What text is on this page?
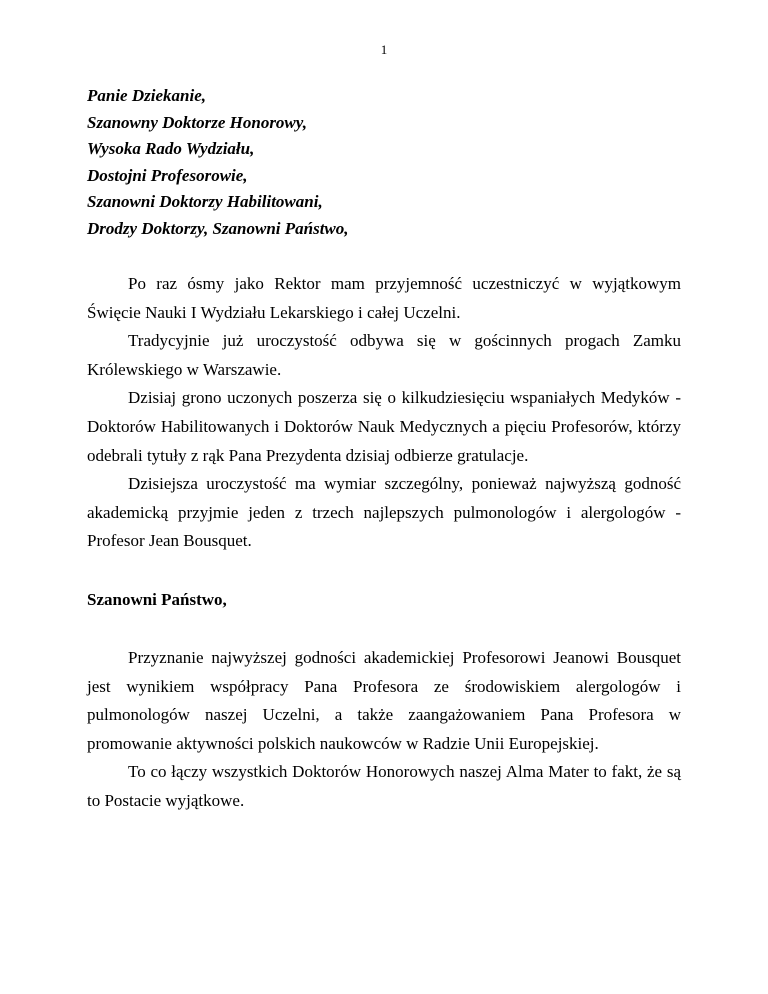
1
Panie Dziekanie,
Szanowny Doktorze Honorowy,
Wysoka Rado Wydziału,
Dostojni Profesorowie,
Szanowni Doktorzy Habilitowani,
Drodzy Doktorzy, Szanowni Państwo,

Po raz ósmy jako Rektor mam przyjemność uczestniczyć w wyjątkowym Święcie Nauki I Wydziału Lekarskiego i całej Uczelni.

Tradycyjnie już uroczystość odbywa się w gościnnych progach Zamku Królewskiego w Warszawie.

Dzisiaj grono uczonych poszerza się o kilkudziesięciu wspaniałych Medyków - Doktorów Habilitowanych i Doktorów Nauk Medycznych a pięciu Profesorów, którzy odebrali tytuły z rąk Pana Prezydenta dzisiaj odbierze gratulacje.

Dzisiejsza uroczystość ma wymiar szczególny, ponieważ najwyższą godność akademicką przyjmie jeden z trzech najlepszych pulmonologów i alergologów - Profesor Jean Bousquet.

Szanowni Państwo,

Przyznanie najwyższej godności akademickiej Profesorowi Jeanowi Bousquet jest wynikiem współpracy Pana Profesora ze środowiskiem alergologów i pulmonologów naszej Uczelni, a także zaangażowaniem Pana Profesora w promowanie aktywności polskich naukowców w Radzie Unii Europejskiej.

To co łączy wszystkich Doktorów Honorowych naszej Alma Mater to fakt, że są to Postacie wyjątkowe.
